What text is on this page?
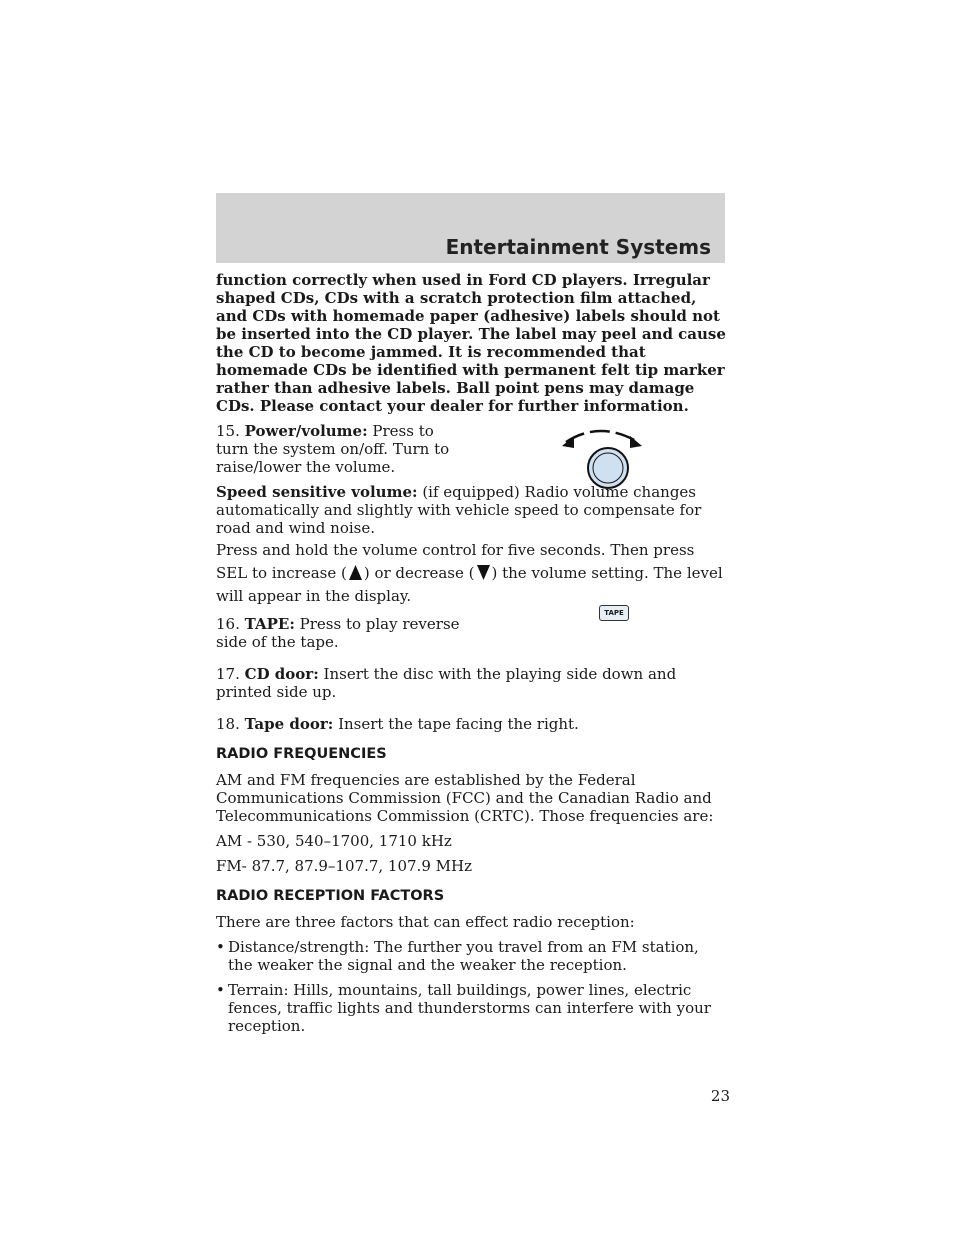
Entertainment Systems
TAPE

function correctly when used in Ford CD players. Irregular shaped CDs, CDs with a scratch protection film attached, and CDs with homemade paper (adhesive) labels should not be inserted into the CD player. The label may peel and cause the CD to become jammed. It is recommended that homemade CDs be identified with permanent felt tip marker rather than adhesive labels. Ball point pens may damage CDs. Please contact your dealer for further information.

15. Power/volume: Press to turn the system on/off. Turn to raise/lower the volume.

Speed sensitive volume: (if equipped) Radio volume changes automatically and slightly with vehicle speed to compensate for road and wind noise.

Press and hold the volume control for five seconds. Then press SEL to increase ( ) or decrease ( ) the volume setting. The level will appear in the display.

16. TAPE: Press to play reverse side of the tape.

17. CD door: Insert the disc with the playing side down and printed side up.

18. Tape door: Insert the tape facing the right.

RADIO FREQUENCIES

AM and FM frequencies are established by the Federal Communications Commission (FCC) and the Canadian Radio and Telecommunications Commission (CRTC). Those frequencies are:

AM - 530, 540–1700, 1710 kHz

FM- 87.7, 87.9–107.7, 107.9 MHz

RADIO RECEPTION FACTORS

There are three factors that can effect radio reception:

• Distance/strength: The further you travel from an FM station, the weaker the signal and the weaker the reception.
• Terrain: Hills, mountains, tall buildings, power lines, electric fences, traffic lights and thunderstorms can interfere with your reception.
23
